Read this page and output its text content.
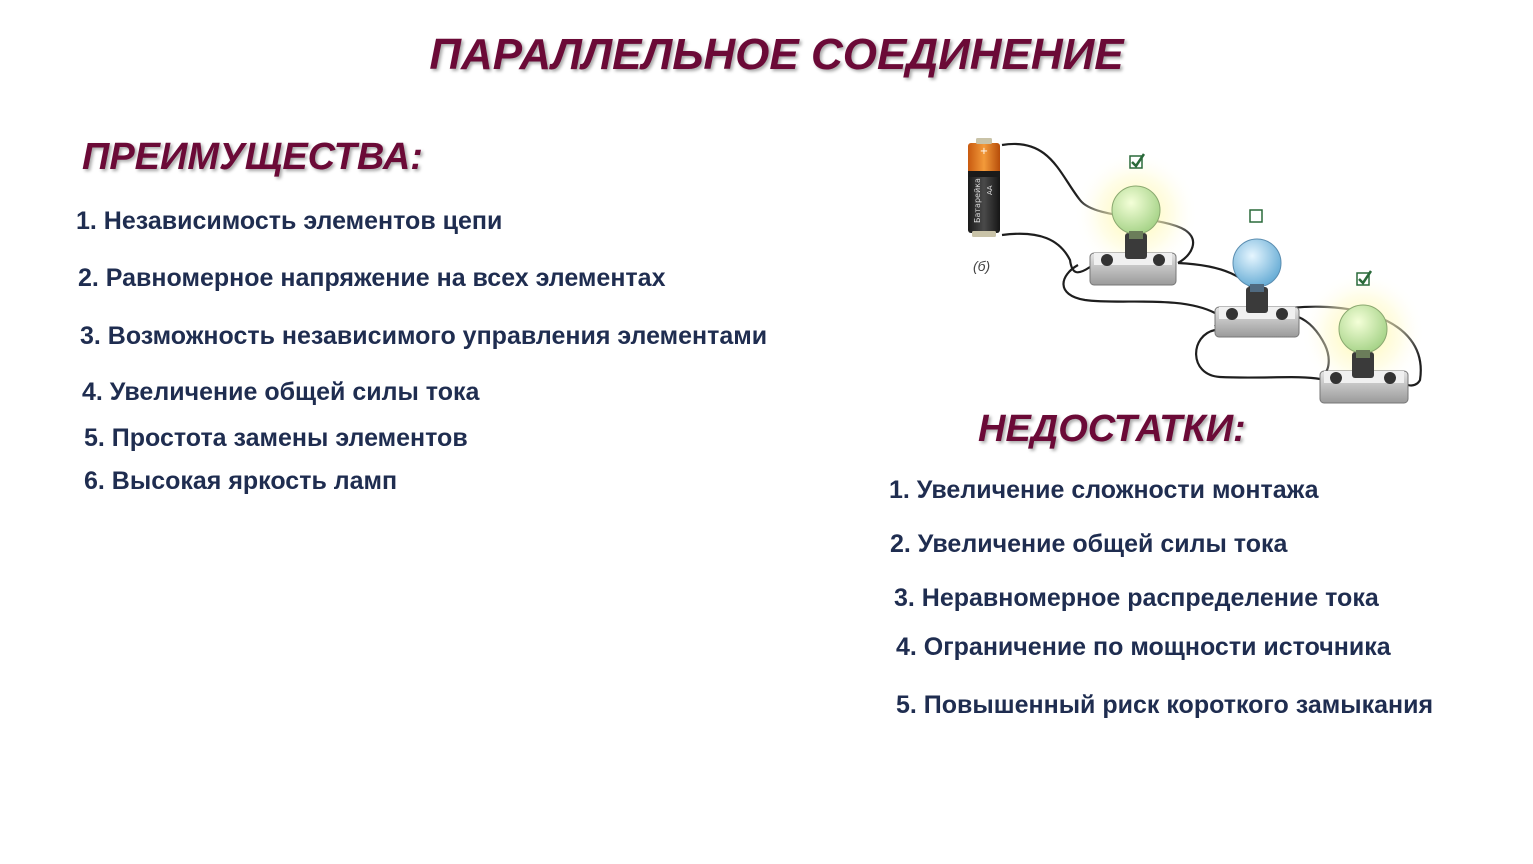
ПАРАЛЛЕЛЬНОЕ СОЕДИНЕНИЕ
ПРЕИМУЩЕСТВА:
1. Независимость элементов цепи
2. Равномерное напряжение на всех элементах
3. Возможность независимого управления элементами
4. Увеличение общей силы тока
5. Простота замены элементов
6. Высокая яркость ламп
НЕДОСТАТКИ:
1. Увеличение сложности монтажа
2. Увеличение общей силы тока
3. Неравномерное распределение тока
4. Ограничение по мощности источника
5. Повышенный риск короткого замыкания
(б)
+
Батарейка АА
